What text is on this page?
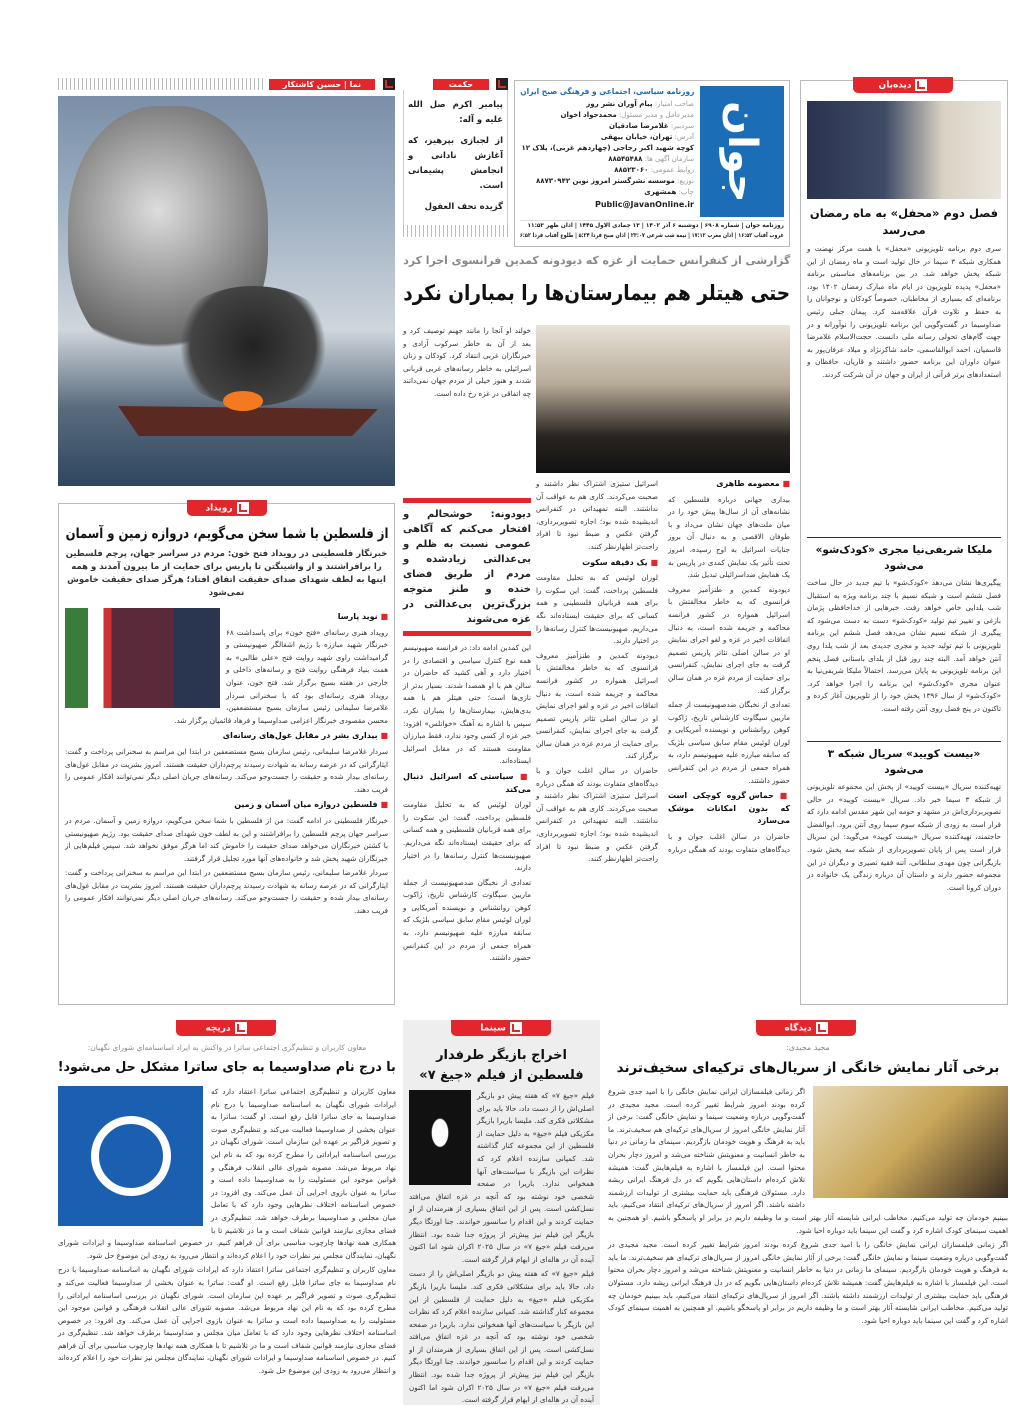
نما | حسین کاشتکار	حکمت

پیامبر اکرم صل الله علیه و آله:

از لجبازی بپرهیز، که آغازش نادانی و انجامش پشیمانی است.

گزیده تحف العقول

جوان
روزنامه سیاسی، اجتماعی و فرهنگی صبح ایران
صاحب امتیاز: پیام آوران نشر روز
مدیرعامل و مدیر مسئول: محمدجواد اخوان
سردبیر: غلامرضا صادقیان
آدرس: تهران، خیابان بیهقی
کوچه شهید اکبر رجاجی (چهاردهم غربی)، پلاک ۱۲
سازمان آگهی ها: ۸۸۵۴۵۴۸۸
روابط عمومی: ۸۸۵۲۳۰۶۰
توزیع: موسسه نشرگستر امروز نوین ۸۸۷۳۰۹۴۲
چاپ: همشهری
Public@JavanOnline.ir
روزنامه جوان | شماره ۶۹۰۸ | دوشنبه ۶ آذر ۱۴۰۲ | ۱۳ جمادی الاول ۱۴۴۵ | اذان ظهر ۱۱:۵۳
غروب آفتاب ۱۶:۵۲ | اذان مغرب ۱۷:۱۲ | نیمه شب شرعی ۲۳:۰۷ | اذان صبح فردا ۵:۲۴ | طلوع آفتاب فردا ۶:۵۲
گزارشی از کنفرانس حمایت از غزه که دیودونه کمدین فرانسوی اجرا کرد
حتی هیتلر هم بیمارستان‌ها را بمباران نکرد
خولند او آنجا را مانند جهنم توصیف کرد و بعد از آن به خاطر سرکوب آزادی و خبرنگاران غربی انتقاد کرد. کودکان و زنان اسرائیلی به خاطر رسانه‌های غربی قربانی شدند و هنوز خیلی از مردم جهان نمی‌دانند چه اتفاقی در غزه رخ داده است.
■ معصومه طاهری

بیداری جهانی درباره فلسطین که نشانه‌های آن از سال‌ها پیش خود را در میان ملت‌های جهان نشان می‌داد و با طوفان الاقصی و به دنبال آن بروز جنایات اسرائیل به اوج رسیده، امروز تحت تأثیر یک نمایش کمدی در پاریس به یک همایش ضداسرائیلی تبدیل شد.

دیودونه کمدین و طنزآمیز معروف فرانسوی که به خاطر مخالفتش با اسرائیل همواره در کشور فرانسه محاکمه و جریمه شده است، به دنبال اتفاقات اخیر در غزه و لغو اجرای نمایش او در سالن اصلی تئاتر پاریس تصمیم گرفت به جای اجرای نمایش، کنفرانسی برای حمایت از مردم غزه در همان سالن برگزار کند.

تعدادی از نخبگان ضدصهیونیست از جمله ماریین سیگاوت کارشناس تاریخ، ژاکوب کوهن روانشناس و نویسنده آمریکایی و لوران لوئیس مقام سابق سیاسی بلژیک که سابقه مبارزه علیه صهیونیسم دارد، به همراه جمعی از مردم در این کنفرانس حضور داشتند.

■ حماس گروه کوچکی است که بدون امکانات موشک می‌سازد

حاضران در سالن اغلب جوان و با دیدگاه‌های متفاوت بودند که همگی درباره اسرائیل ستیزی اشتراک نظر داشتند و صحبت می‌کردند. کاری هم به عواقب آن نداشتند. البته تمهیداتی در کنفرانس اندیشیده شده بود؛ اجازه تصویربرداری، گرفتن عکس و ضبط نبود تا افراد راحت‌تر اظهارنظر کنند.

■ یک دقیقه سکوت

لوران لوئیس که به تحلیل مقاومت فلسطین پرداخت، گفت: این سکوت را برای همه قربانیان فلسطینی و همه کسانی که برای حقیقت ایستاده‌اند نگه می‌داریم. صهیونیست‌ها کنترل رسانه‌ها را در اختیار دارند.

دیودونه کمدین و طنزآمیز معروف فرانسوی که به خاطر مخالفتش با اسرائیل همواره در کشور فرانسه محاکمه و جریمه شده است، به دنبال اتفاقات اخیر در غزه و لغو اجرای نمایش او در سالن اصلی تئاتر پاریس تصمیم گرفت به جای اجرای نمایش، کنفرانسی برای حمایت از مردم غزه در همان سالن برگزار کند.

حاضران در سالن اغلب جوان و با دیدگاه‌های متفاوت بودند که همگی درباره اسرائیل ستیزی اشتراک نظر داشتند و صحبت می‌کردند. کاری هم به عواقب آن نداشتند. البته تمهیداتی در کنفرانس اندیشیده شده بود؛ اجازه تصویربرداری، گرفتن عکس و ضبط نبود تا افراد راحت‌تر اظهارنظر کنند.

دیودونه: خوشحالم و افتخار می‌کنم که آگاهی عمومی نسبت به ظلم و بی‌عدالتی زیادشده و مردم از طریق فضای خنده و طنز متوجه بزرگ‌ترین بی‌عدالتی در غزه می‌شوند

این کمدین ادامه داد: در فرانسه صهیونیسم همه نوع کنترل سیاسی و اقتصادی را در اختیار دارد و آهی کشید که حاضران در سالن هم با او همصدا شدند. بسیار بدتر از نازی‌ها است؛ حتی هیتلر هم با همه بدی‌هایش، بیمارستان‌ها را بمباران نکرد. سپس با اشاره به آهنگ «خوانلس» افزود: خبر غزه از کسی وجود ندارد، فقط مبارزان مقاومت هستند که در مقابل اسرائیل ایستاده‌اند.

■ سیاستی که اسرائیل دنبال می‌کند

لوران لوئیس که به تحلیل مقاومت فلسطین پرداخت، گفت: این سکوت را برای همه قربانیان فلسطینی و همه کسانی که برای حقیقت ایستاده‌اند نگه می‌داریم. صهیونیست‌ها کنترل رسانه‌ها را در اختیار دارند.

تعدادی از نخبگان ضدصهیونیست از جمله ماریین سیگاوت کارشناس تاریخ، ژاکوب کوهن روانشناس و نویسنده آمریکایی و لوران لوئیس مقام سابق سیاسی بلژیک که سابقه مبارزه علیه صهیونیسم دارد، به همراه جمعی از مردم در این کنفرانس حضور داشتند.

رویداد
از فلسطین با شما سخن می‌گویم، دروازه زمین و آسمان
خبرنگار فلسطینی در رویداد فتح خون: مردم در سراسر جهان، پرچم فلسطین را برافراشتند و از واشینگتن تا پاریس برای حمایت از ما بیرون آمدند و همه اینها به لطف شهدای صدای حقیقت اتفاق افتاد؛ هرگز صدای حقیقت خاموش نمی‌شود
■ نوید پارسا

رویداد هنری رسانه‌ای «فتح خون» برای پاسداشت ۶۸ خبرنگار شهید مبارزه با رژیم اشغالگر صهیونیستی و گرامیداشت راوی شهید روایت فتح «علی طالبی» به همت بنیاد فرهنگی روایت فتح و رسانه‌های داخلی و خارجی در هفته بسیج برگزار شد. فتح خون، عنوان رویداد هنری رسانه‌ای بود که با سخنرانی سردار غلامرضا سلیمانی رئیس سازمان بسیج مستضعفین، محسن مقصودی خبرنگار اعزامی صداوسیما و فرهاد قائمیان برگزار شد.

■ بیداری بشر در مقابل غول‌های رسانه‌ای

سردار غلامرضا سلیمانی، رئیس سازمان بسیج مستضعفین در ابتدا این مراسم به سخنرانی پرداخت و گفت: ایثارگرانی که در عرصه رسانه به شهادت رسیدند پرچم‌داران حقیقت هستند. امروز بشریت در مقابل غول‌های رسانه‌ای بیدار شده و حقیقت را جست‌وجو می‌کند. رسانه‌های جریان اصلی دیگر نمی‌توانند افکار عمومی را فریب دهند.

■ فلسطین دروازه میان آسمان و زمین

خبرنگار فلسطینی در ادامه گفت: من از فلسطین با شما سخن می‌گویم، دروازه زمین و آسمان. مردم در سراسر جهان پرچم فلسطین را برافراشتند و این به لطف خون شهدای صدای حقیقت بود. رژیم صهیونیستی با کشتن خبرنگاران می‌خواهد صدای حقیقت را خاموش کند اما هرگز موفق نخواهد شد. سپس فیلم‌هایی از خبرنگاران شهید پخش شد و خانواده‌های آنها مورد تجلیل قرار گرفتند.

سردار غلامرضا سلیمانی، رئیس سازمان بسیج مستضعفین در ابتدا این مراسم به سخنرانی پرداخت و گفت: ایثارگرانی که در عرصه رسانه به شهادت رسیدند پرچم‌داران حقیقت هستند. امروز بشریت در مقابل غول‌های رسانه‌ای بیدار شده و حقیقت را جست‌وجو می‌کند. رسانه‌های جریان اصلی دیگر نمی‌توانند افکار عمومی را فریب دهند.

دیده‌بان
فصل دوم «محفل» به ماه رمضان می‌رسد
سری دوم برنامه تلویزیونی «محفل» با همت مرکز نهضت و همکاری شبکه ۳ سیما در حال تولید است و ماه رمضان از این شبکه پخش خواهد شد. در بین برنامه‌های مناسبتی برنامه «محفل» پدیده تلویزیون در ایام ماه مبارک رمضان ۱۴۰۲ بود، برنامه‌ای که بسیاری از مخاطبان، خصوصاً کودکان و نوجوانان را به حفظ و تلاوت قرآن علاقه‌مند کرد. پیمان جبلی رئیس صداوسیما در گفت‌وگویی این برنامه تلویزیونی را نوآورانه و در جهت گام‌های تحولی رسانه ملی دانست. حجت‌الاسلام غلامرضا قاسمیان، احمد ابوالقاسمی، حامد شاکرنژاد و میلاد عرفان‌پور به عنوان داوران این برنامه حضور داشتند و قاریان، حافظان و استعدادهای برتر قرآنی از ایران و جهان در آن شرکت کردند.
ملیکا شریفی‌نیا مجری «کودک‌شو» می‌شود
پیگیری‌ها نشان می‌دهد «کودک‌شو» با تیم جدید در حال ساخت فصل ششم است و شبکه نسیم با چند برنامه ویژه به استقبال شب یلدایی خاص خواهد رفت. خبرهایی از خداحافظی پژمان بازغی و تغییر تیم تولید «کودک‌شو» دست به دست می‌شود که پیگیری از شبکه نسیم نشان می‌دهد فصل ششم این برنامه تلویزیونی با تیم تولید جدید و مجری جدیدی بعد از شب یلدا روی آنتن خواهد آمد. البته چند روز قبل از یلدای باستانی فصل پنجم این برنامه تلویزیونی به پایان می‌رسد. احتمالاً ملیکا شریفی‌نیا به عنوان مجری «کودک‌شو» این برنامه را اجرا خواهد کرد. «کودک‌شو» از سال ۱۳۹۶ پخش خود را از تلویزیون آغاز کرده و تاکنون در پنج فصل روی آنتن رفته است.
«بیست کویید» سریال شبکه ۳ می‌شود
تهیه‌کننده سریال «بیست کویید» از پخش این مجموعه تلویزیونی از شبکه ۳ سیما خبر داد. سریال «بیست کویید» در حالی تصویربرداری‌اش در مشهد و حومه این شهر مقدس ادامه دارد که قرار است به زودی از شبکه سوم سیما روی آنتن برود. ابوالفضل حاجتمند، تهیه‌کننده سریال «بیست کویید» می‌گوید: این سریال قرار است پس از پایان تصویربرداری از شبکه سه پخش شود. بازیگرانی چون مهدی سلطانی، آتنه فقیه نصیری و دیگران در این مجموعه حضور دارند و داستان آن درباره زندگی یک خانواده در دوران کرونا است.
دیدگاه
مجید مجیدی:
برخی آثار نمایش خانگی از سریال‌های ترکیه‌ای سخیف‌ترند

اگر زمانی فیلمسازان ایرانی نمایش خانگی را با امید جدی شروع کرده بودند امروز شرایط تغییر کرده است. مجید مجیدی در گفت‌وگویی درباره وضعیت سینما و نمایش خانگی گفت: برخی از آثار نمایش خانگی امروز از سریال‌های ترکیه‌ای هم سخیف‌ترند. ما باید به فرهنگ و هویت خودمان بازگردیم. سینمای ما زمانی در دنیا به خاطر انسانیت و معنویتش شناخته می‌شد و امروز دچار بحران محتوا است. این فیلمساز با اشاره به فیلم‌هایش گفت: همیشه تلاش کرده‌ام داستان‌هایی بگویم که در دل فرهنگ ایرانی ریشه دارد. مسئولان فرهنگی باید حمایت بیشتری از تولیدات ارزشمند داشته باشند. اگر امروز از سریال‌های ترکیه‌ای انتقاد می‌کنیم، باید ببینیم خودمان چه تولید می‌کنیم. مخاطب ایرانی شایسته آثار بهتر است و ما وظیفه داریم در برابر او پاسخگو باشیم. او همچنین به اهمیت سینمای کودک اشاره کرد و گفت این سینما باید دوباره احیا شود.

اگر زمانی فیلمسازان ایرانی نمایش خانگی را با امید جدی شروع کرده بودند امروز شرایط تغییر کرده است. مجید مجیدی در گفت‌وگویی درباره وضعیت سینما و نمایش خانگی گفت: برخی از آثار نمایش خانگی امروز از سریال‌های ترکیه‌ای هم سخیف‌ترند. ما باید به فرهنگ و هویت خودمان بازگردیم. سینمای ما زمانی در دنیا به خاطر انسانیت و معنویتش شناخته می‌شد و امروز دچار بحران محتوا است. این فیلمساز با اشاره به فیلم‌هایش گفت: همیشه تلاش کرده‌ام داستان‌هایی بگویم که در دل فرهنگ ایرانی ریشه دارد. مسئولان فرهنگی باید حمایت بیشتری از تولیدات ارزشمند داشته باشند. اگر امروز از سریال‌های ترکیه‌ای انتقاد می‌کنیم، باید ببینیم خودمان چه تولید می‌کنیم. مخاطب ایرانی شایسته آثار بهتر است و ما وظیفه داریم در برابر او پاسخگو باشیم. او همچنین به اهمیت سینمای کودک اشاره کرد و گفت این سینما باید دوباره احیا شود.

سینما
اخراج بازیگر طرفدار فلسطین از فیلم «جیغ ۷»

فیلم «جیغ ۷» که هفته پیش دو بازیگر اصلی‌اش را از دست داد، حالا باید برای مشکلاتی فکری کند. ملیسا باریرا بازیگر مکزیکی فیلم «جیغ» به دلیل حمایت از فلسطین از این مجموعه کنار گذاشته شد. کمپانی سازنده اعلام کرد که نظرات این بازیگر با سیاست‌های آنها همخوانی ندارد. باریرا در صفحه شخصی خود نوشته بود که آنچه در غزه اتفاق می‌افتد نسل‌کشی است. پس از این اتفاق بسیاری از هنرمندان از او حمایت کردند و این اقدام را سانسور خواندند. جنا اورتگا دیگر بازیگر این فیلم نیز پیش‌تر از پروژه جدا شده بود. انتظار می‌رفت فیلم «جیغ ۷» در سال ۲۰۲۵ اکران شود اما اکنون آینده آن در هاله‌ای از ابهام قرار گرفته است.

فیلم «جیغ ۷» که هفته پیش دو بازیگر اصلی‌اش را از دست داد، حالا باید برای مشکلاتی فکری کند. ملیسا باریرا بازیگر مکزیکی فیلم «جیغ» به دلیل حمایت از فلسطین از این مجموعه کنار گذاشته شد. کمپانی سازنده اعلام کرد که نظرات این بازیگر با سیاست‌های آنها همخوانی ندارد. باریرا در صفحه شخصی خود نوشته بود که آنچه در غزه اتفاق می‌افتد نسل‌کشی است. پس از این اتفاق بسیاری از هنرمندان از او حمایت کردند و این اقدام را سانسور خواندند. جنا اورتگا دیگر بازیگر این فیلم نیز پیش‌تر از پروژه جدا شده بود. انتظار می‌رفت فیلم «جیغ ۷» در سال ۲۰۲۵ اکران شود اما اکنون آینده آن در هاله‌ای از ابهام قرار گرفته است.

دریچه
معاون کاربران و تنظیم‌گری اجتماعی ساترا در واکنش به ایراد اساسنامه‌ای شورای نگهبان:
با درج نام صداوسیما به جای ساترا مشکل حل می‌شود!

معاون کاربران و تنظیم‌گری اجتماعی ساترا اعتقاد دارد که ایرادات شورای نگهبان به اساسنامه صداوسیما با درج نام صداوسیما به جای ساترا قابل رفع است. او گفت: ساترا به عنوان بخشی از صداوسیما فعالیت می‌کند و تنظیم‌گری صوت و تصویر فراگیر بر عهده این سازمان است. شورای نگهبان در بررسی اساسنامه ایراداتی را مطرح کرده بود که به نام این نهاد مربوط می‌شد. مصوبه شورای عالی انقلاب فرهنگی و قوانین موجود این مسئولیت را به صداوسیما داده است و ساترا به عنوان بازوی اجرایی آن عمل می‌کند. وی افزود: در خصوص اساسنامه اختلاف نظرهایی وجود دارد که با تعامل میان مجلس و صداوسیما برطرف خواهد شد. تنظیم‌گری در فضای مجازی نیازمند قوانین شفاف است و ما در تلاشیم تا با همکاری همه نهادها چارچوب مناسبی برای آن فراهم کنیم. در خصوص اساسنامه صداوسیما و ایرادات شورای نگهبان، نمایندگان مجلس نیز نظرات خود را اعلام کرده‌اند و انتظار می‌رود به زودی این موضوع حل شود.

معاون کاربران و تنظیم‌گری اجتماعی ساترا اعتقاد دارد که ایرادات شورای نگهبان به اساسنامه صداوسیما با درج نام صداوسیما به جای ساترا قابل رفع است. او گفت: ساترا به عنوان بخشی از صداوسیما فعالیت می‌کند و تنظیم‌گری صوت و تصویر فراگیر بر عهده این سازمان است. شورای نگهبان در بررسی اساسنامه ایراداتی را مطرح کرده بود که به نام این نهاد مربوط می‌شد. مصوبه شورای عالی انقلاب فرهنگی و قوانین موجود این مسئولیت را به صداوسیما داده است و ساترا به عنوان بازوی اجرایی آن عمل می‌کند. وی افزود: در خصوص اساسنامه اختلاف نظرهایی وجود دارد که با تعامل میان مجلس و صداوسیما برطرف خواهد شد. تنظیم‌گری در فضای مجازی نیازمند قوانین شفاف است و ما در تلاشیم تا با همکاری همه نهادها چارچوب مناسبی برای آن فراهم کنیم. در خصوص اساسنامه صداوسیما و ایرادات شورای نگهبان، نمایندگان مجلس نیز نظرات خود را اعلام کرده‌اند و انتظار می‌رود به زودی این موضوع حل شود.
